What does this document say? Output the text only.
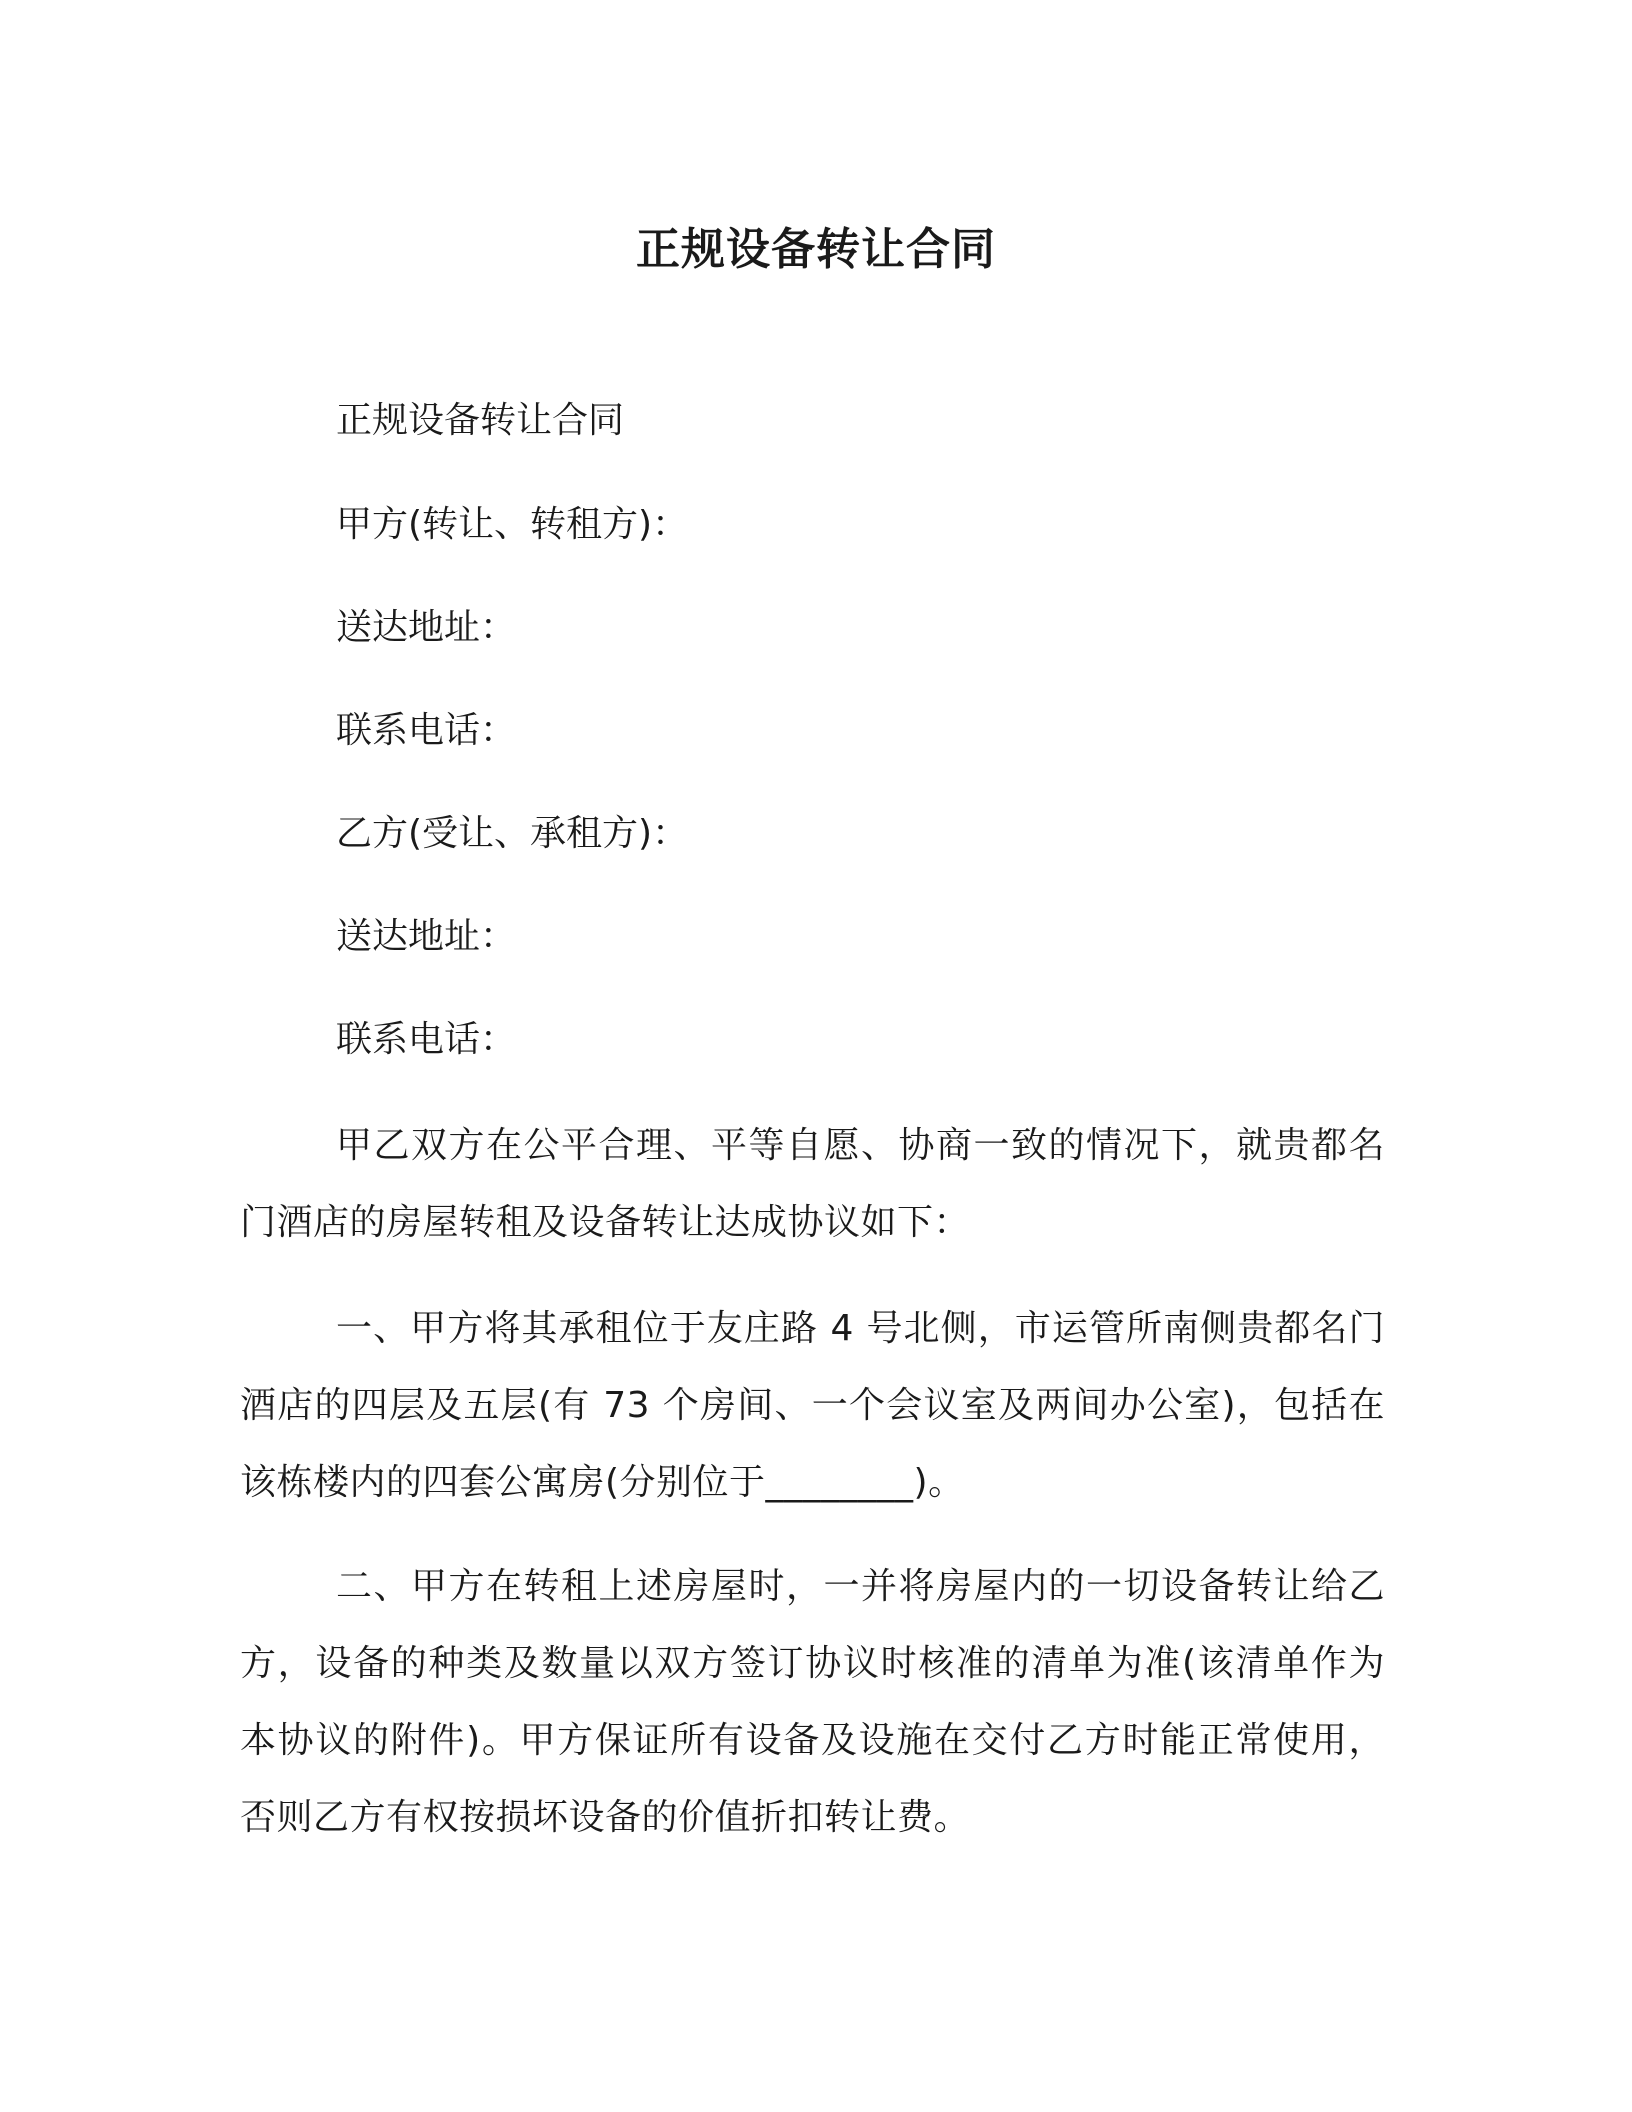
正规设备转让合同
正规设备转让合同
甲方(转让、转租方)：
送达地址：
联系电话：
乙方(受让、承租方)：
送达地址：
联系电话：
甲乙双方在公平合理、平等自愿、协商一致的情况下，就贵都名门酒店的房屋转租及设备转让达成协议如下：
一、甲方将其承租位于友庄路 4 号北侧，市运管所南侧贵都名门酒店的四层及五层(有 73 个房间、一个会议室及两间办公室)，包括在该栋楼内的四套公寓房(分别位于________)。
二、甲方在转租上述房屋时，一并将房屋内的一切设备转让给乙方，设备的种类及数量以双方签订协议时核准的清单为准(该清单作为本协议的附件)。甲方保证所有设备及设施在交付乙方时能正常使用，否则乙方有权按损坏设备的价值折扣转让费。
